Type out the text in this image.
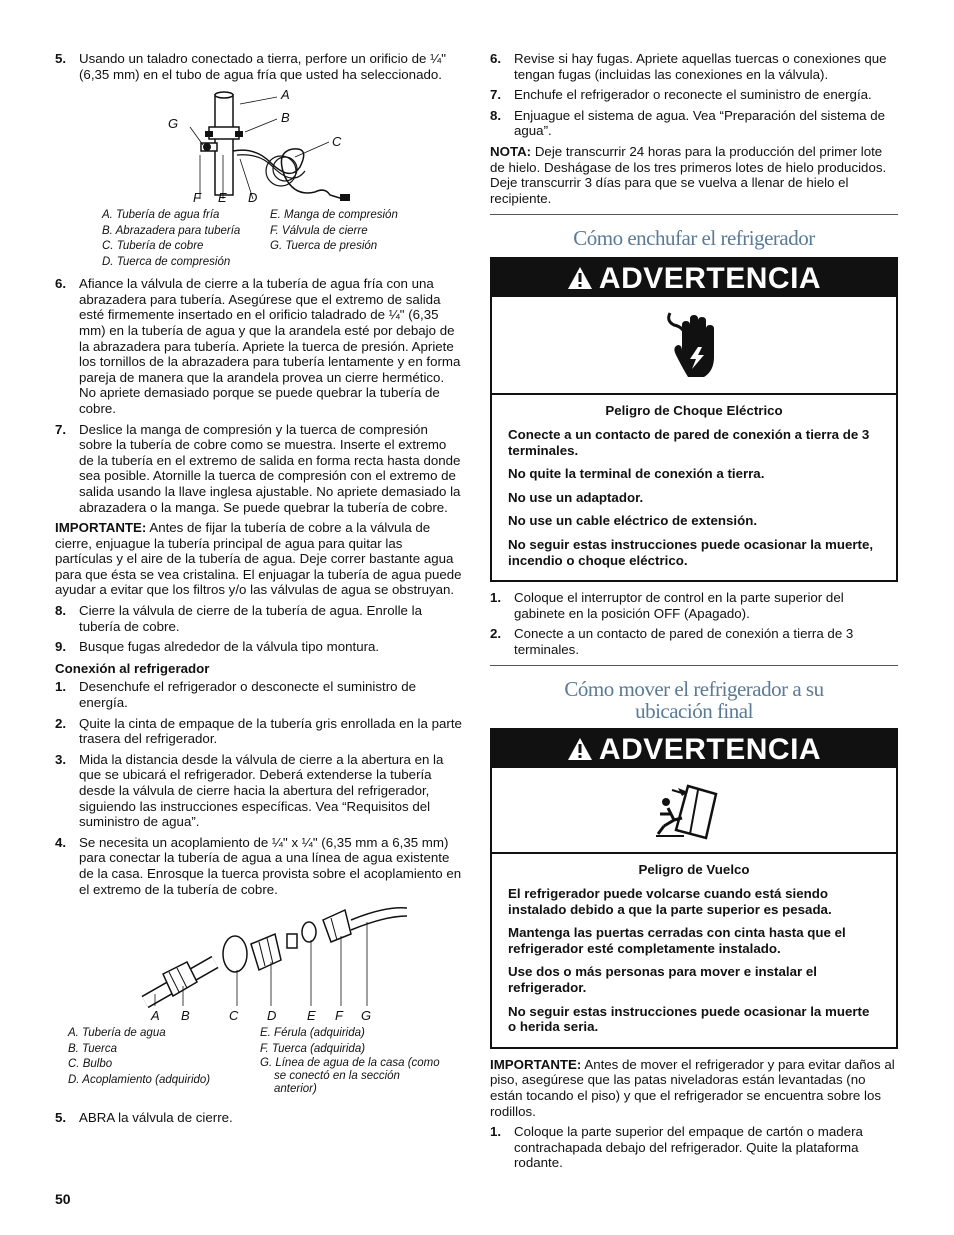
5. Usando un taladro conectado a tierra, perfore un orificio de ¼" (6,35 mm) en el tubo de agua fría que usted ha seleccionado.
A
B
C
G
F E D
A. Tubería de agua fría
B. Abrazadera para tubería
C. Tubería de cobre
D. Tuerca de compresión
E. Manga de compresión
F. Válvula de cierre
G. Tuerca de presión
6. Afiance la válvula de cierre a la tubería de agua fría con una abrazadera para tubería. Asegúrese que el extremo de salida esté firmemente insertado en el orificio taladrado de ¼" (6,35 mm) en la tubería de agua y que la arandela esté por debajo de la abrazadera para tubería. Apriete la tuerca de presión. Apriete los tornillos de la abrazadera para tubería lentamente y en forma pareja de manera que la arandela provea un cierre hermético. No apriete demasiado porque se puede quebrar la tubería de cobre.
7. Deslice la manga de compresión y la tuerca de compresión sobre la tubería de cobre como se muestra. Inserte el extremo de la tubería en el extremo de salida en forma recta hasta donde sea posible. Atornille la tuerca de compresión con el extremo de salida usando la llave inglesa ajustable. No apriete demasiado la abrazadera o la manga. Se puede quebrar la tubería de cobre.

IMPORTANTE: Antes de fijar la tubería de cobre a la válvula de cierre, enjuague la tubería principal de agua para quitar las partículas y el aire de la tubería de agua. Deje correr bastante agua para que ésta se vea cristalina. El enjuagar la tubería de agua puede ayudar a evitar que los filtros y/o las válvulas de agua se obstruyan.

8. Cierre la válvula de cierre de la tubería de agua. Enrolle la tubería de cobre.
9. Busque fugas alrededor de la válvula tipo montura.
Conexión al refrigerador
1. Desenchufe el refrigerador o desconecte el suministro de energía.
2. Quite la cinta de empaque de la tubería gris enrollada en la parte trasera del refrigerador.
3. Mida la distancia desde la válvula de cierre a la abertura en la que se ubicará el refrigerador. Deberá extenderse la tubería desde la válvula de cierre hacia la abertura del refrigerador, siguiendo las instrucciones específicas. Vea “Requisitos del suministro de agua”.
4. Se necesita un acoplamiento de ¼" x ¼" (6,35 mm a 6,35 mm) para conectar la tubería de agua a una línea de agua existente de la casa. Enrosque la tuerca provista sobre el acoplamiento en el extremo de la tubería de cobre.
A B	C D E F G
A. Tubería de agua
B. Tuerca
C. Bulbo
D. Acoplamiento (adquirido)
E. Férula (adquirida)
F. Tuerca (adquirida)
G. Línea de agua de la casa (como
se conectó en la sección
anterior)
5. ABRA la válvula de cierre.
6. Revise si hay fugas. Apriete aquellas tuercas o conexiones que tengan fugas (incluidas las conexiones en la válvula).
7. Enchufe el refrigerador o reconecte el suministro de energía.
8. Enjuague el sistema de agua. Vea “Preparación del sistema de agua”.

NOTA: Deje transcurrir 24 horas para la producción del primer lote de hielo. Deshágase de los tres primeros lotes de hielo producidos. Deje transcurrir 3 días para que se vuelva a llenar de hielo el recipiente.

Cómo enchufar el refrigerador
ADVERTENCIA

Peligro de Choque Eléctrico

Conecte a un contacto de pared de conexión a tierra de 3 terminales.

No quite la terminal de conexión a tierra.

No use un adaptador.

No use un cable eléctrico de extensión.

No seguir estas instrucciones puede ocasionar la muerte, incendio o choque eléctrico.

1. Coloque el interruptor de control en la parte superior del gabinete en la posición OFF (Apagado).
2. Conecte a un contacto de pared de conexión a tierra de 3 terminales.
Cómo mover el refrigerador a su
ubicación final
ADVERTENCIA

Peligro de Vuelco

El refrigerador puede volcarse cuando está siendo instalado debido a que la parte superior es pesada.

Mantenga las puertas cerradas con cinta hasta que el refrigerador esté completamente instalado.

Use dos o más personas para mover e instalar el refrigerador.

No seguir estas instrucciones puede ocasionar la muerte o herida seria.

IMPORTANTE: Antes de mover el refrigerador y para evitar daños al piso, asegúrese que las patas niveladoras están levantadas (no están tocando el piso) y que el refrigerador se encuentra sobre los rodillos.

1. Coloque la parte superior del empaque de cartón o madera contrachapada debajo del refrigerador. Quite la plataforma rodante.
50
